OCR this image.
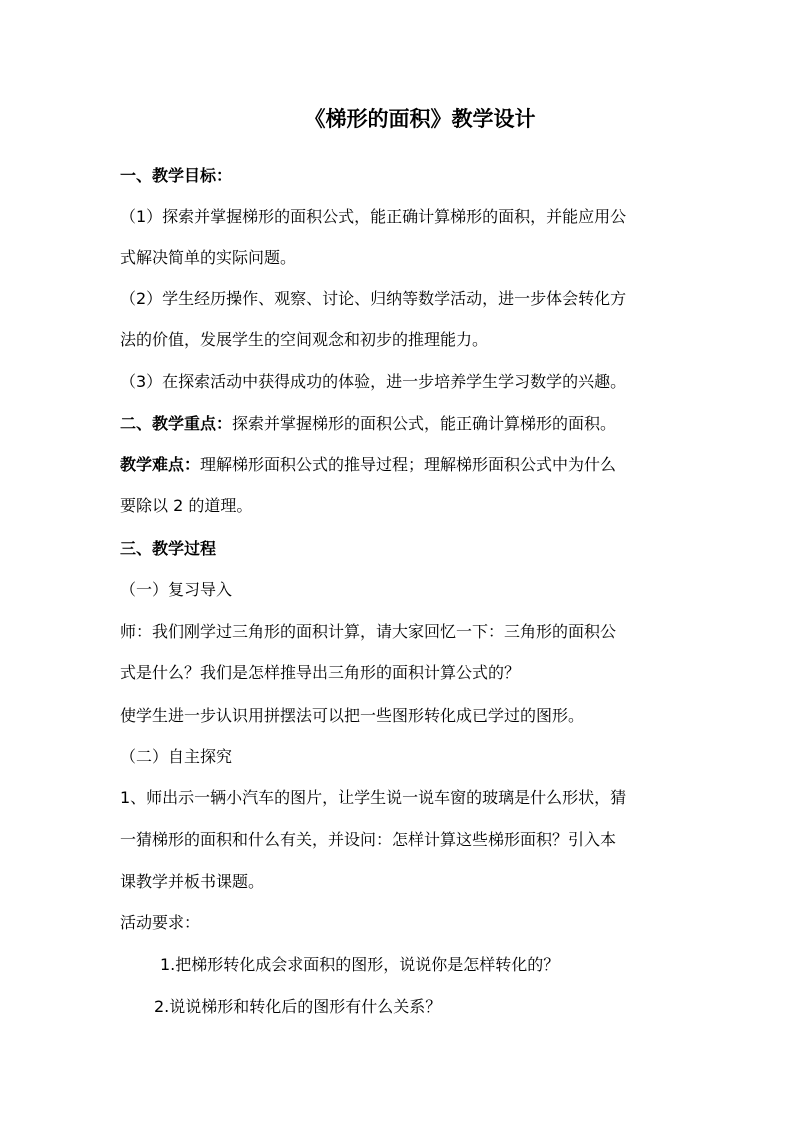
《梯形的面积》教学设计
一、教学目标：
（1）探索并掌握梯形的面积公式，能正确计算梯形的面积，并能应用公
式解决简单的实际问题。
（2）学生经历操作、观察、讨论、归纳等数学活动，进一步体会转化方
法的价值，发展学生的空间观念和初步的推理能力。
（3）在探索活动中获得成功的体验，进一步培养学生学习数学的兴趣。
二、教学重点：探索并掌握梯形的面积公式，能正确计算梯形的面积。
教学难点：理解梯形面积公式的推导过程；理解梯形面积公式中为什么
要除以 2 的道理。
三、教学过程
（一）复习导入
师：我们刚学过三角形的面积计算，请大家回忆一下：三角形的面积公
式是什么？我们是怎样推导出三角形的面积计算公式的？
使学生进一步认识用拼摆法可以把一些图形转化成已学过的图形。
（二）自主探究
1、师出示一辆小汽车的图片，让学生说一说车窗的玻璃是什么形状，猜
一猜梯形的面积和什么有关，并设问：怎样计算这些梯形面积？引入本
课教学并板书课题。
活动要求：
1.把梯形转化成会求面积的图形，说说你是怎样转化的？
2.说说梯形和转化后的图形有什么关系？
